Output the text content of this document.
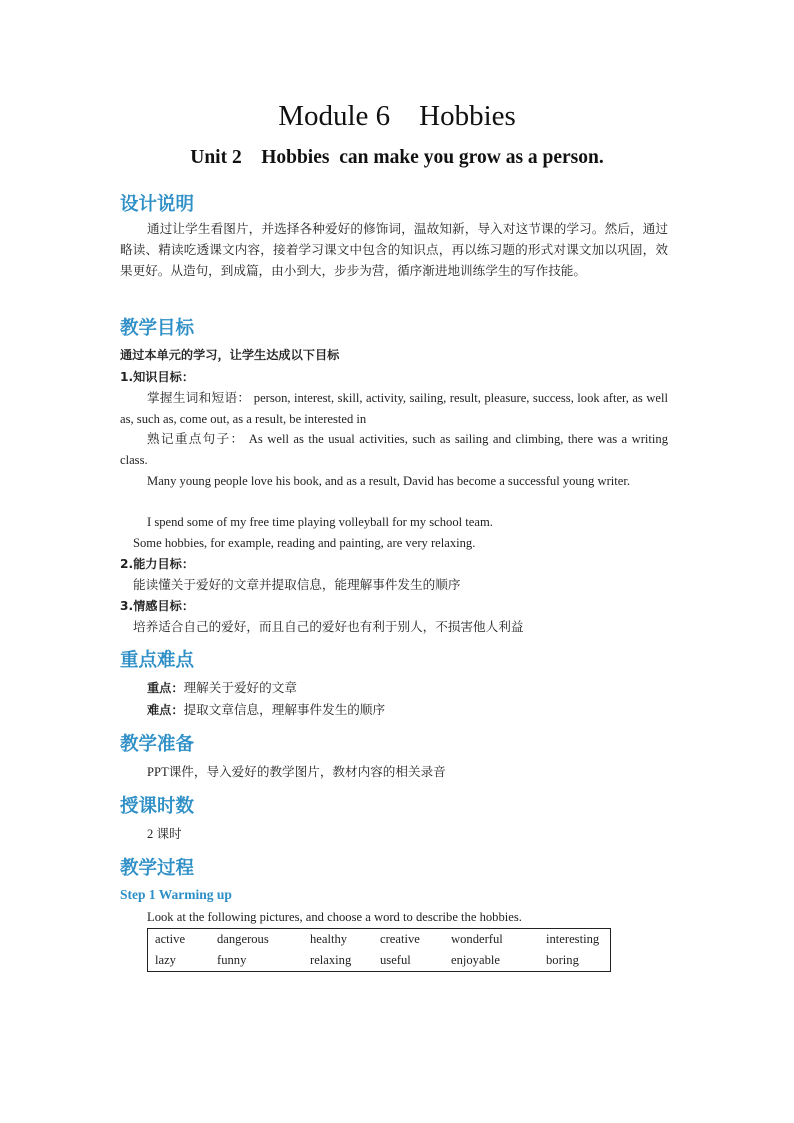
Module 6    Hobbies
Unit 2    Hobbies  can make you grow as a person.
设计说明
通过让学生看图片，并选择各种爱好的修饰词，温故知新，导入对这节课的学习。然后，通过略读、精读吃透课文内容，接着学习课文中包含的知识点，再以练习题的形式对课文加以巩固，效果更好。从造句，到成篇，由小到大，步步为营，循序渐进地训练学生的写作技能。
教学目标
通过本单元的学习，让学生达成以下目标
1.知识目标：
掌握生词和短语： person, interest, skill, activity, sailing, result, pleasure, success, look after, as well as, such as, come out, as a result, be interested in
熟记重点句子： As well as the usual activities, such as sailing and climbing, there was a writing class.
Many young people love his book, and as a result, David has become a successful young writer.
I spend some of my free time playing volleyball for my school team.
Some hobbies, for example, reading and painting, are very relaxing.
2.能力目标：
能读懂关于爱好的文章并提取信息，能理解事件发生的顺序
3.情感目标：
培养适合自己的爱好，而且自己的爱好也有利于别人，不损害他人利益
重点难点
重点：理解关于爱好的文章
难点：提取文章信息，理解事件发生的顺序
教学准备
PPT课件，导入爱好的教学图片，教材内容的相关录音
授课时数
2 课时
教学过程
Step 1 Warming up
Look at the following pictures, and choose a word to describe the hobbies.
active	dangerous	healthy	creative	wonderful	interesting
lazy	funny	relaxing	useful	enjoyable	boring
